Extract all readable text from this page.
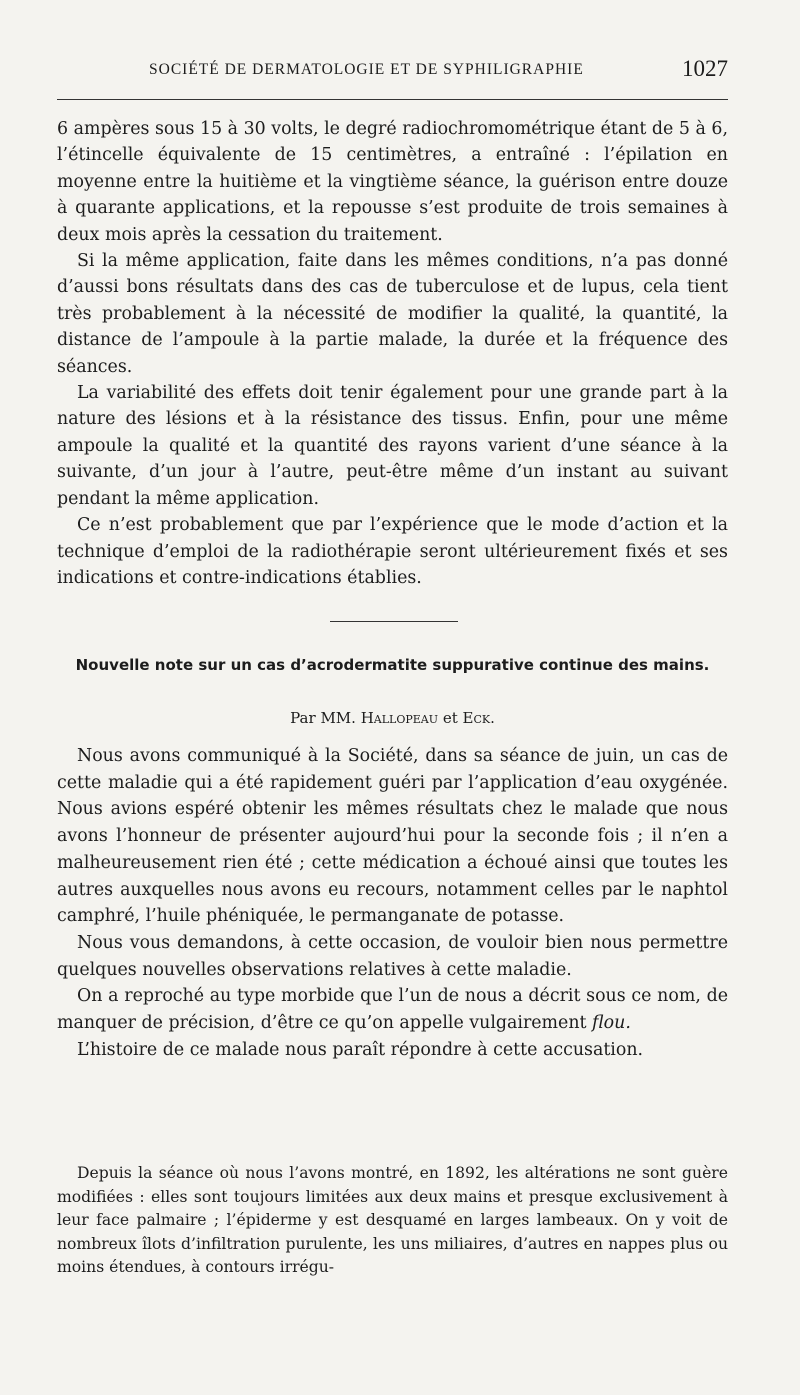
SOCIÉTÉ DE DERMATOLOGIE ET DE SYPHILIGRAPHIE	1027

6 ampères sous 15 à 30 volts, le degré radiochromométrique étant de 5 à 6, l’étincelle équivalente de 15 centimètres, a entraîné : l’épilation en moyenne entre la huitième et la vingtième séance, la guérison entre douze à quarante applications, et la repousse s’est produite de trois semaines à deux mois après la cessation du traitement.

Si la même application, faite dans les mêmes conditions, n’a pas donné d’aussi bons résultats dans des cas de tuberculose et de lupus, cela tient très probablement à la nécessité de modifier la qualité, la quantité, la distance de l’ampoule à la partie malade, la durée et la fréquence des séances.

La variabilité des effets doit tenir également pour une grande part à la nature des lésions et à la résistance des tissus. Enfin, pour une même ampoule la qualité et la quantité des rayons varient d’une séance à la suivante, d’un jour à l’autre, peut-être même d’un instant au suivant pendant la même application.

Ce n’est probablement que par l’expérience que le mode d’action et la technique d’emploi de la radiothérapie seront ultérieurement fixés et ses indications et contre-indications établies.

Nouvelle note sur un cas d’acrodermatite suppurative continue des mains.
Par MM. Hallopeau et Eck.

Nous avons communiqué à la Société, dans sa séance de juin, un cas de cette maladie qui a été rapidement guéri par l’application d’eau oxygénée. Nous avions espéré obtenir les mêmes résultats chez le malade que nous avons l’honneur de présenter aujourd’hui pour la seconde fois ; il n’en a malheureusement rien été ; cette médication a échoué ainsi que toutes les autres auxquelles nous avons eu recours, notamment celles par le naphtol camphré, l’huile phéniquée, le permanganate de potasse.

Nous vous demandons, à cette occasion, de vouloir bien nous permettre quelques nouvelles observations relatives à cette maladie.

On a reproché au type morbide que l’un de nous a décrit sous ce nom, de manquer de précision, d’être ce qu’on appelle vulgairement flou.

L’histoire de ce malade nous paraît répondre à cette accusation.

Depuis la séance où nous l’avons montré, en 1892, les altérations ne sont guère modifiées : elles sont toujours limitées aux deux mains et presque exclusivement à leur face palmaire ; l’épiderme y est desquamé en larges lambeaux. On y voit de nombreux îlots d’infiltration purulente, les uns miliaires, d’autres en nappes plus ou moins étendues, à contours irrégu-
